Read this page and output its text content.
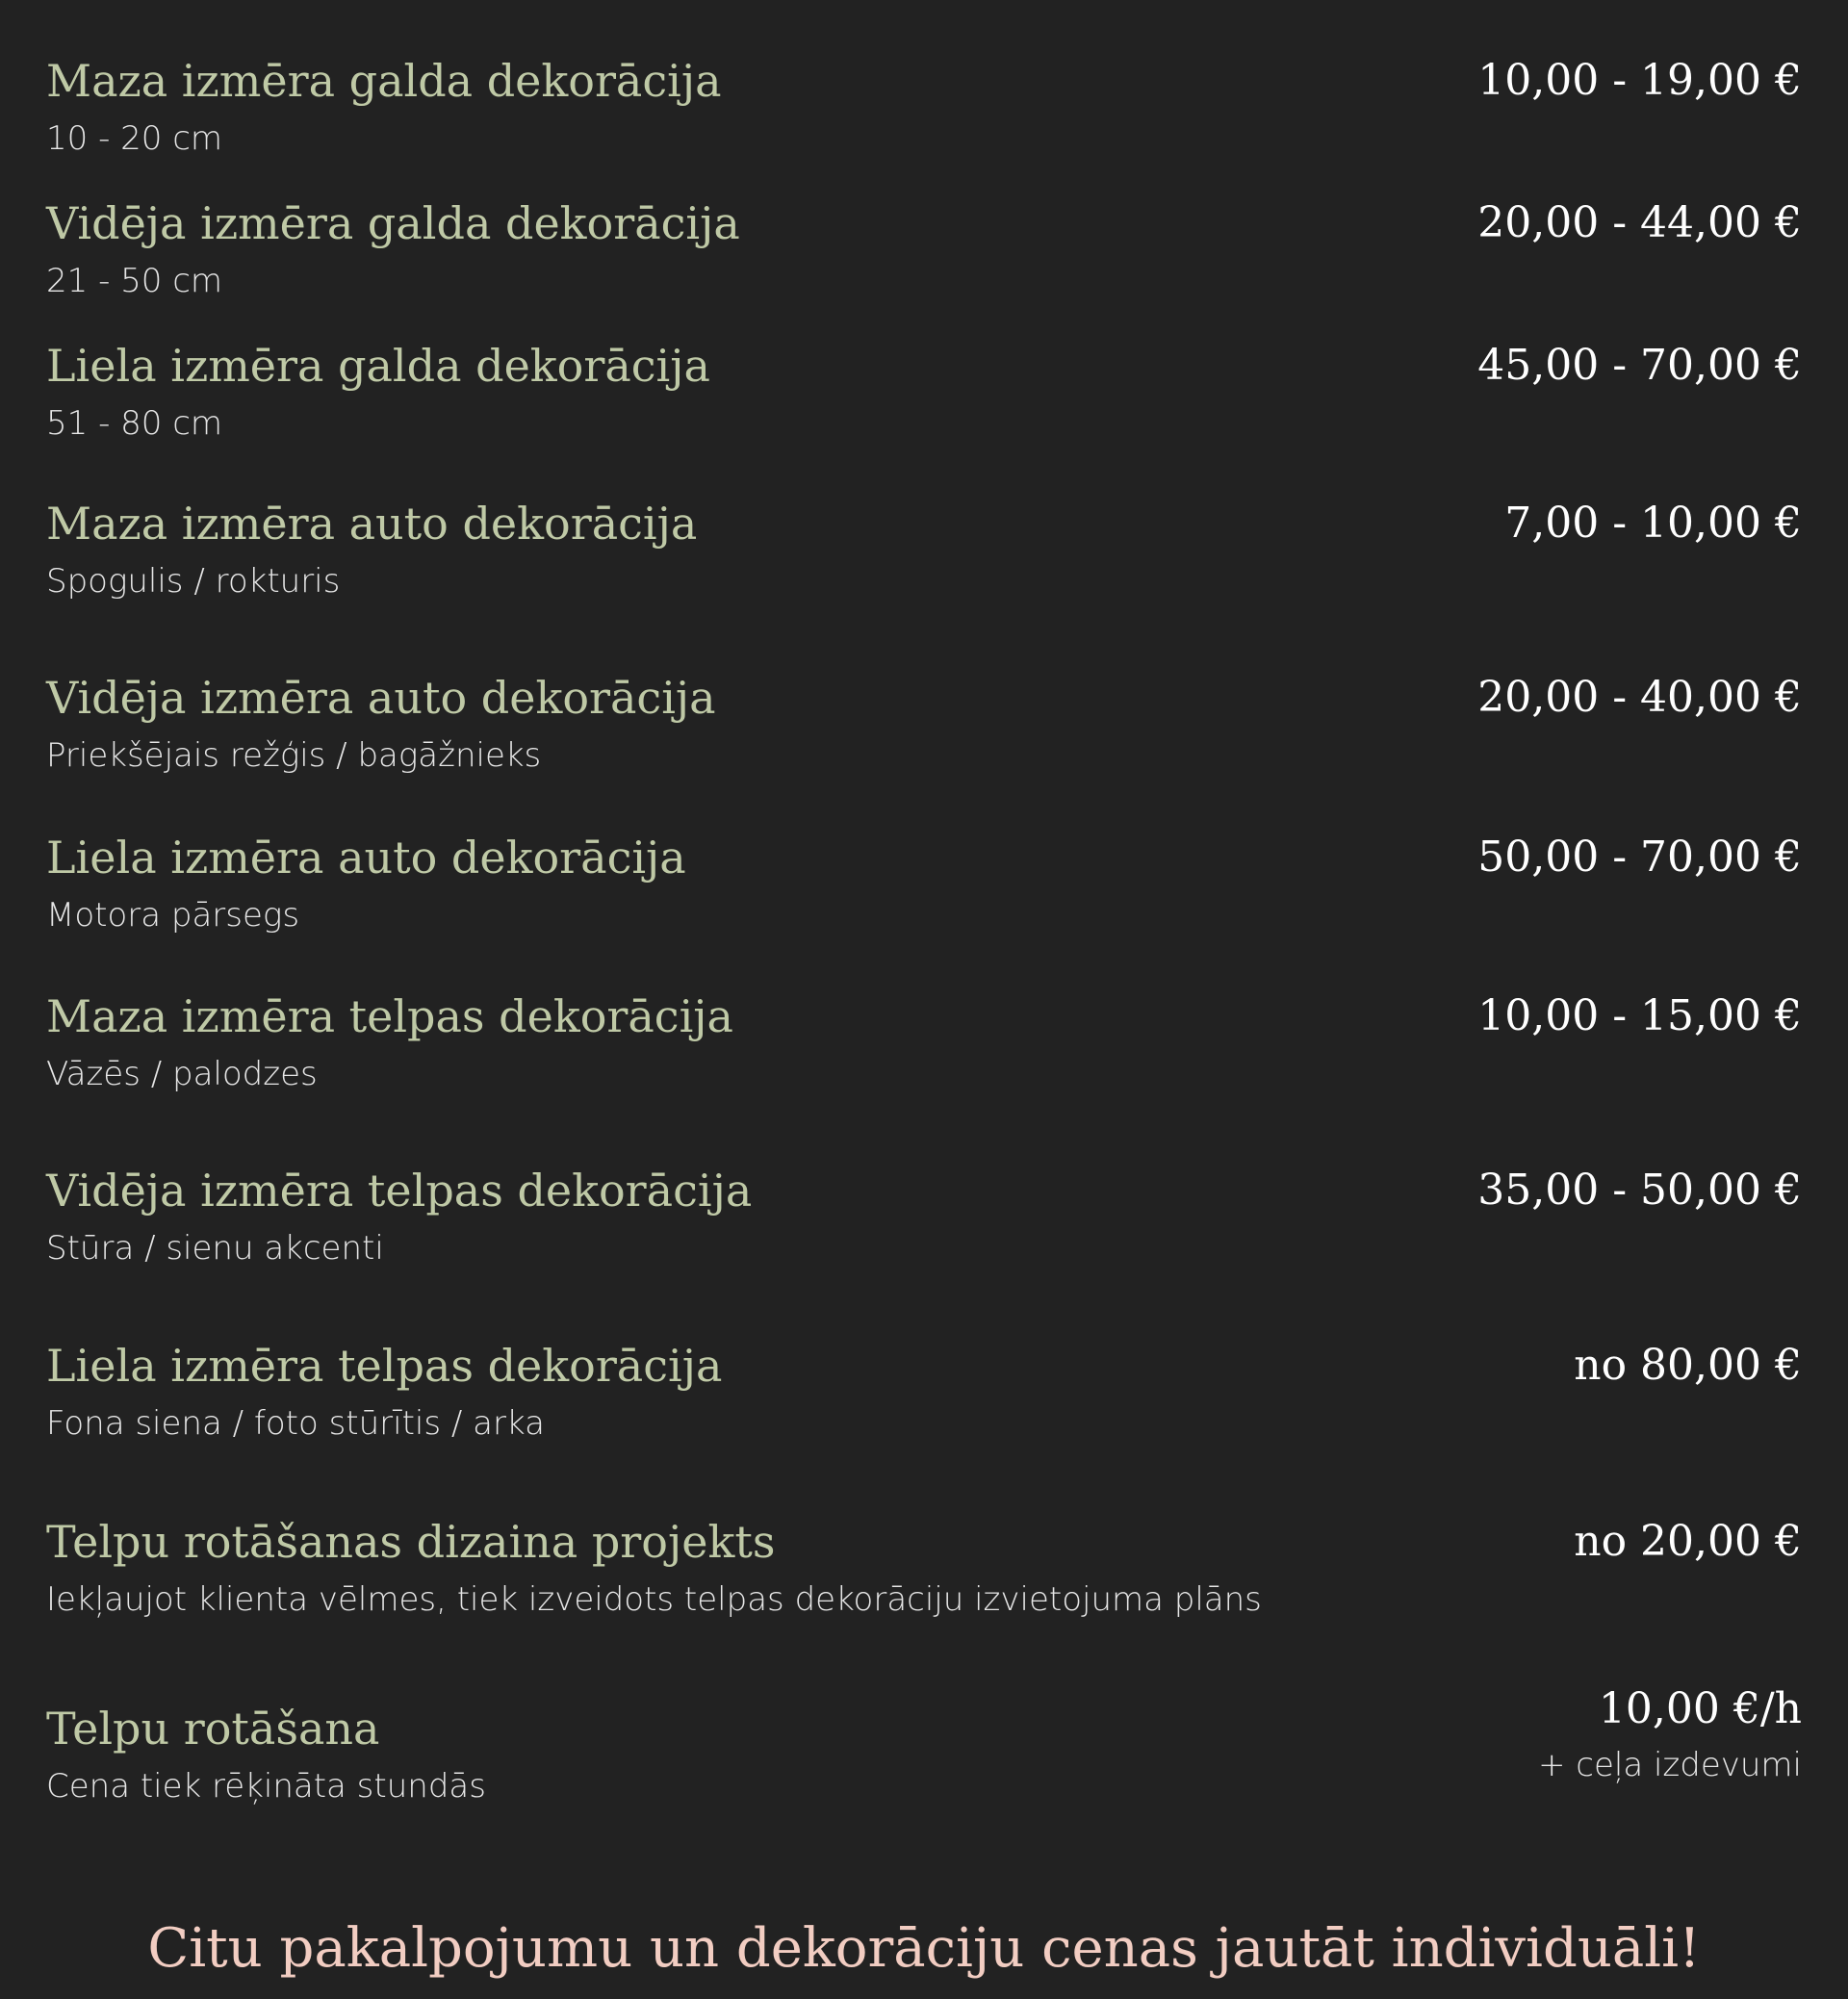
Maza izmēra galda dekorācija
10 - 20 cm
10,00 - 19,00 €
Vidēja izmēra galda dekorācija
21 - 50 cm
20,00 - 44,00 €
Liela izmēra galda dekorācija
51 - 80 cm
45,00 - 70,00 €
Maza izmēra auto dekorācija
Spogulis / rokturis
7,00 - 10,00 €
Vidēja izmēra auto dekorācija
Priekšējais režģis / bagāžnieks
20,00 - 40,00 €
Liela izmēra auto dekorācija
Motora pārsegs
50,00 - 70,00 €
Maza izmēra telpas dekorācija
Vāzēs / palodzes
10,00 - 15,00 €
Vidēja izmēra telpas dekorācija
Stūra / sienu akcenti
35,00 - 50,00 €
Liela izmēra telpas dekorācija
Fona siena / foto stūrītis / arka
no 80,00 €
Telpu rotāšanas dizaina projekts
Iekļaujot klienta vēlmes, tiek izveidots telpas dekorāciju izvietojuma plāns
no 20,00 €
Telpu rotāšana
Cena tiek rēķināta stundās
10,00 €/h
+ ceļa izdevumi
Citu pakalpojumu un dekorāciju cenas jautāt individuāli!
